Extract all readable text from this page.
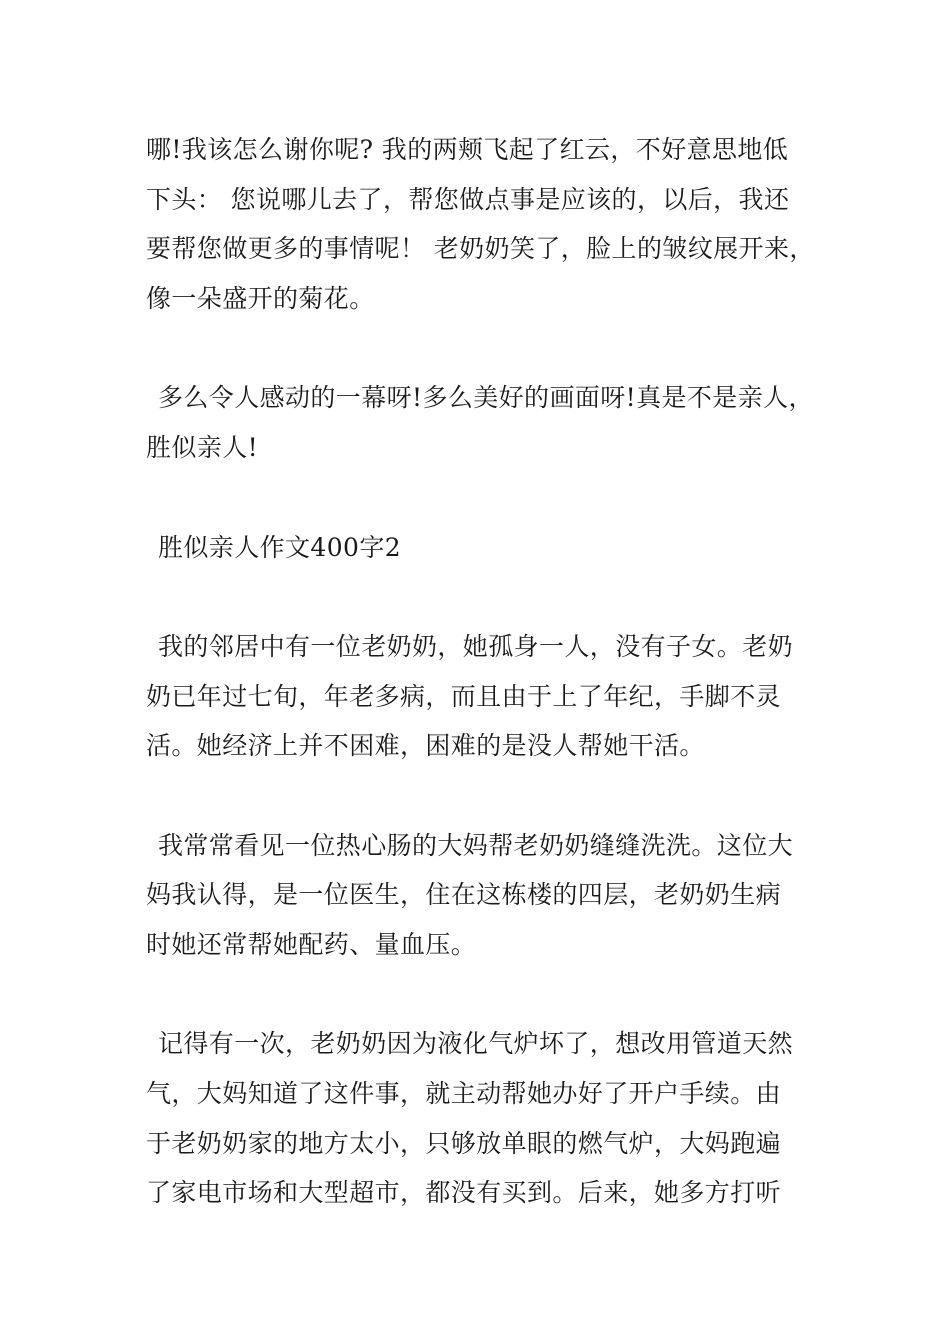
哪!我该怎么谢你呢? 我的两颊飞起了红云，不好意思地低
下头： 您说哪儿去了，帮您做点事是应该的，以后，我还
要帮您做更多的事情呢！ 老奶奶笑了，脸上的皱纹展开来，
像一朵盛开的菊花。
多么令人感动的一幕呀!多么美好的画面呀!真是不是亲人，
胜似亲人!
胜似亲人作文400字2
我的邻居中有一位老奶奶，她孤身一人，没有子女。老奶
奶已年过七旬，年老多病，而且由于上了年纪，手脚不灵
活。她经济上并不困难，困难的是没人帮她干活。
我常常看见一位热心肠的大妈帮老奶奶缝缝洗洗。这位大
妈我认得，是一位医生，住在这栋楼的四层，老奶奶生病
时她还常帮她配药、量血压。
记得有一次，老奶奶因为液化气炉坏了，想改用管道天然
气，大妈知道了这件事，就主动帮她办好了开户手续。由
于老奶奶家的地方太小，只够放单眼的燃气炉，大妈跑遍
了家电市场和大型超市，都没有买到。后来，她多方打听
